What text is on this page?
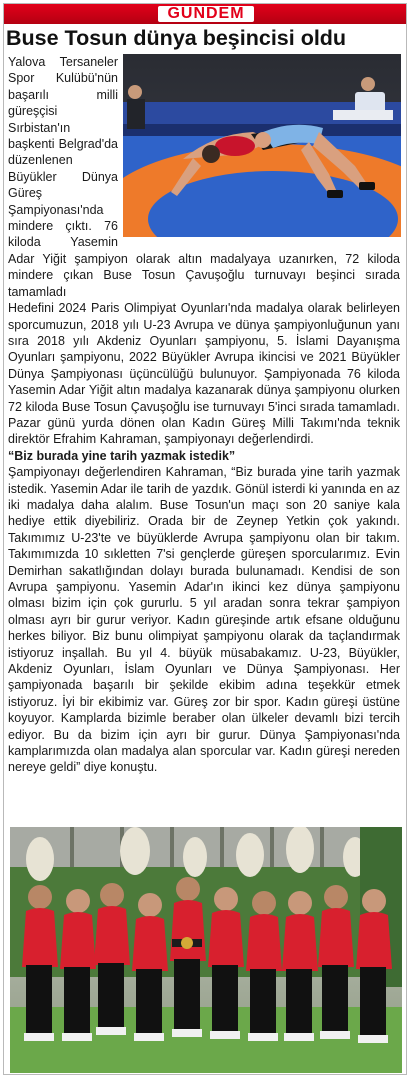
GÜNDEM
Buse Tosun dünya beşincisi oldu

Yalova Tersaneler Spor Kulübü'nün başarılı milli güreşçisi Sırbistan'ın başkenti Belgrad'da düzenlenen Büyükler Dünya Güreş Şampiyonası'nda mindere çıktı. 76 kiloda Yasemin Adar Yiğit şampiyon olarak altın madalyaya uzanırken, 72 kiloda mindere çıkan Buse Tosun Çavuşoğlu turnuvayı beşinci sırada tamamladı

Hedefini 2024 Paris Olimpiyat Oyunları'nda madalya olarak belirleyen sporcumuzun, 2018 yılı U-23 Avrupa ve dünya şampiyonluğunun yanı sıra 2018 yılı Akdeniz Oyunları şampiyonu, 5. İslami Dayanışma Oyunları şampiyonu, 2022 Büyükler Avrupa ikincisi ve 2021 Büyükler Dünya Şampiyonası üçüncülüğü bulunuyor. Şampiyonada 76 kiloda Yasemin Adar Yiğit altın madalya kazanarak dünya şampiyonu olurken 72 kiloda Buse Tosun Çavuşoğlu ise turnuvayı 5'inci sırada tamamladı. Pazar günü yurda dönen olan Kadın Güreş Milli Takımı'nda teknik direktör Efrahim Kahraman, şampiyonayı değerlendirdi.

“Biz burada yine tarih yazmak istedik”

Şampiyonayı değerlendiren Kahraman, “Biz burada yine tarih yazmak istedik. Yasemin Adar ile tarih de yazdık. Gönül isterdi ki yanında en az iki madalya daha alalım. Buse Tosun'un maçı son 20 saniye kala hediye ettik diyebiliriz. Orada bir de Zeynep Yetkin çok yakındı. Takımımız U-23'te ve büyüklerde Avrupa şampiyonu olan bir takım. Takımımızda 10 sıkletten 7'si gençlerde güreşen sporcularımız. Evin Demirhan sakatlığından dolayı burada bulunamadı. Kendisi de son Avrupa şampiyonu. Yasemin Adar'ın ikinci kez dünya şampiyonu olması bizim için çok gururlu. 5 yıl aradan sonra tekrar şampiyon olması ayrı bir gurur veriyor. Kadın güreşinde artık efsane olduğunu herkes biliyor. Biz bunu olimpiyat şampiyonu olarak da taçlandırmak istiyoruz inşallah. Bu yıl 4. büyük müsabakamız. U-23, Büyükler, Akdeniz Oyunları, İslam Oyunları ve Dünya Şampiyonası. Her şampiyonada başarılı bir şekilde ekibim adına teşekkür etmek istiyoruz. İyi bir ekibimiz var. Güreş zor bir spor. Kadın güreşi üstüne koyuyor. Kamplarda bizimle beraber olan ülkeler devamlı bizi tercih ediyor. Bu da bizim için ayrı bir gurur. Dünya Şampiyonası'nda kamplarımızda olan madalya alan sporcular var. Kadın güreşi nereden nereye geldi” diye konuştu.
